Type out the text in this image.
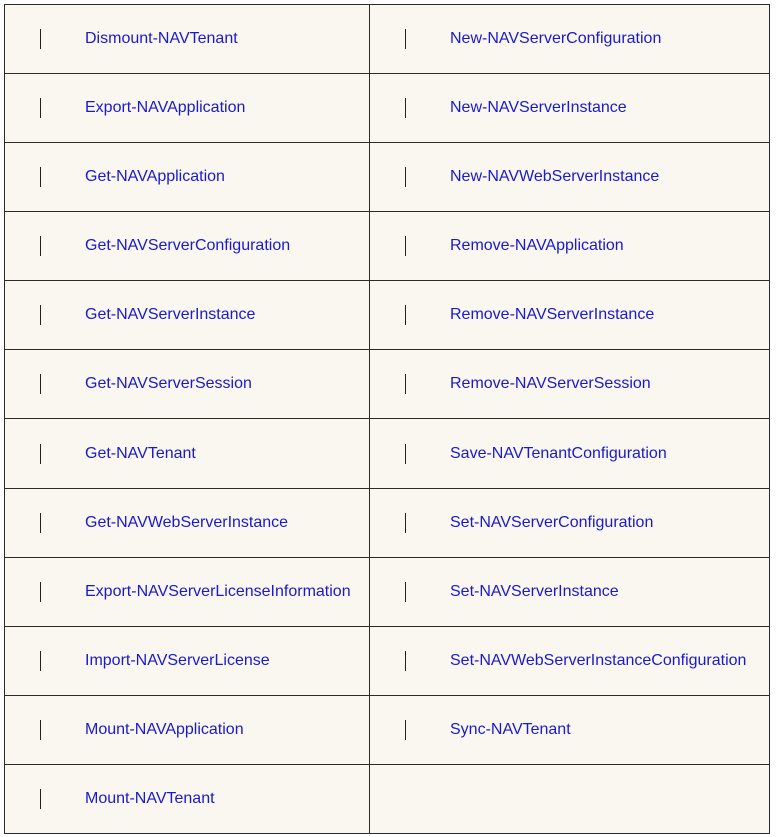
Dismount-NAVTenant	New-NAVServerConfiguration

Export-NAVApplication	New-NAVServerInstance

Get-NAVApplication	New-NAVWebServerInstance

Get-NAVServerConfiguration	Remove-NAVApplication

Get-NAVServerInstance	Remove-NAVServerInstance

Get-NAVServerSession	Remove-NAVServerSession

Get-NAVTenant	Save-NAVTenantConfiguration

Get-NAVWebServerInstance	Set-NAVServerConfiguration

Export-NAVServerLicenseInformation	Set-NAVServerInstance

Import-NAVServerLicense	Set-NAVWebServerInstanceConfiguration

Mount-NAVApplication	Sync-NAVTenant

Mount-NAVTenant	
